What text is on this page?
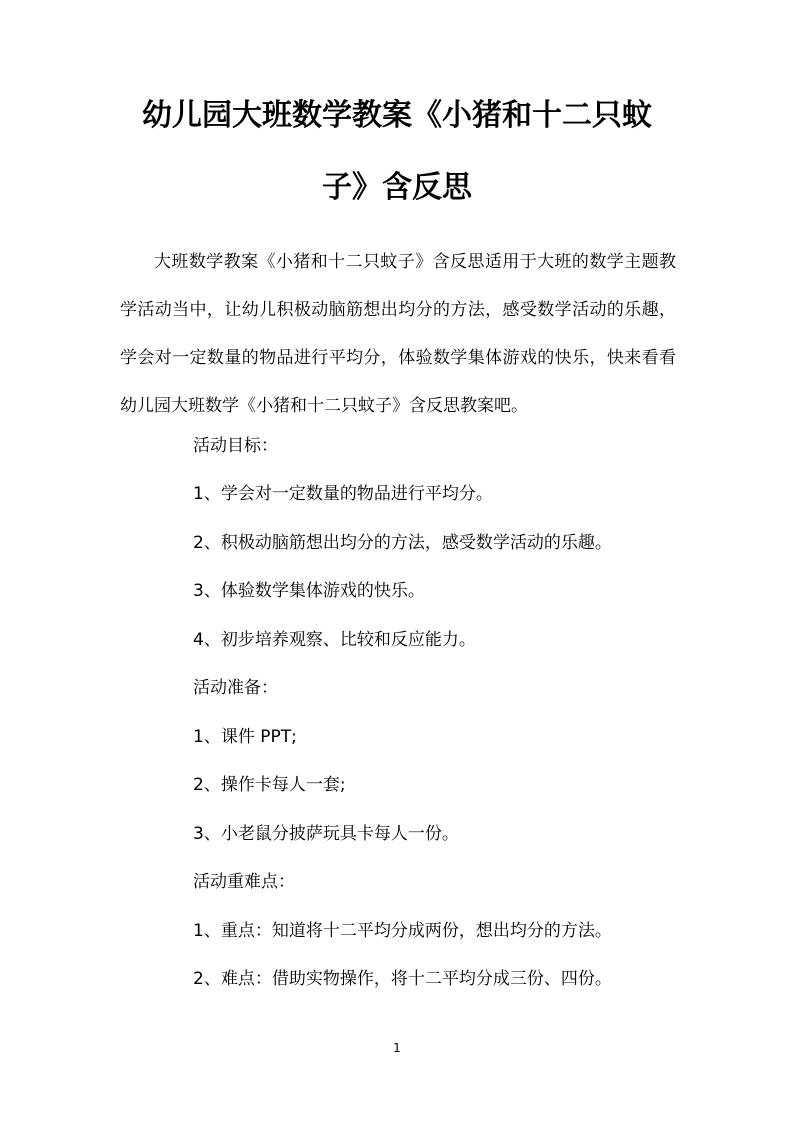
幼儿园大班数学教案《小猪和十二只蚊
子》含反思
大班数学教案《小猪和十二只蚊子》含反思适用于大班的数学主题教学活动当中，让幼儿积极动脑筋想出均分的方法，感受数学活动的乐趣，学会对一定数量的物品进行平均分，体验数学集体游戏的快乐，快来看看幼儿园大班数学《小猪和十二只蚊子》含反思教案吧。
活动目标：
1、学会对一定数量的物品进行平均分。
2、积极动脑筋想出均分的方法，感受数学活动的乐趣。
3、体验数学集体游戏的快乐。
4、初步培养观察、比较和反应能力。
活动准备：
1、课件 PPT;
2、操作卡每人一套;
3、小老鼠分披萨玩具卡每人一份。
活动重难点：
1、重点：知道将十二平均分成两份，想出均分的方法。
2、难点：借助实物操作，将十二平均分成三份、四份。
1
